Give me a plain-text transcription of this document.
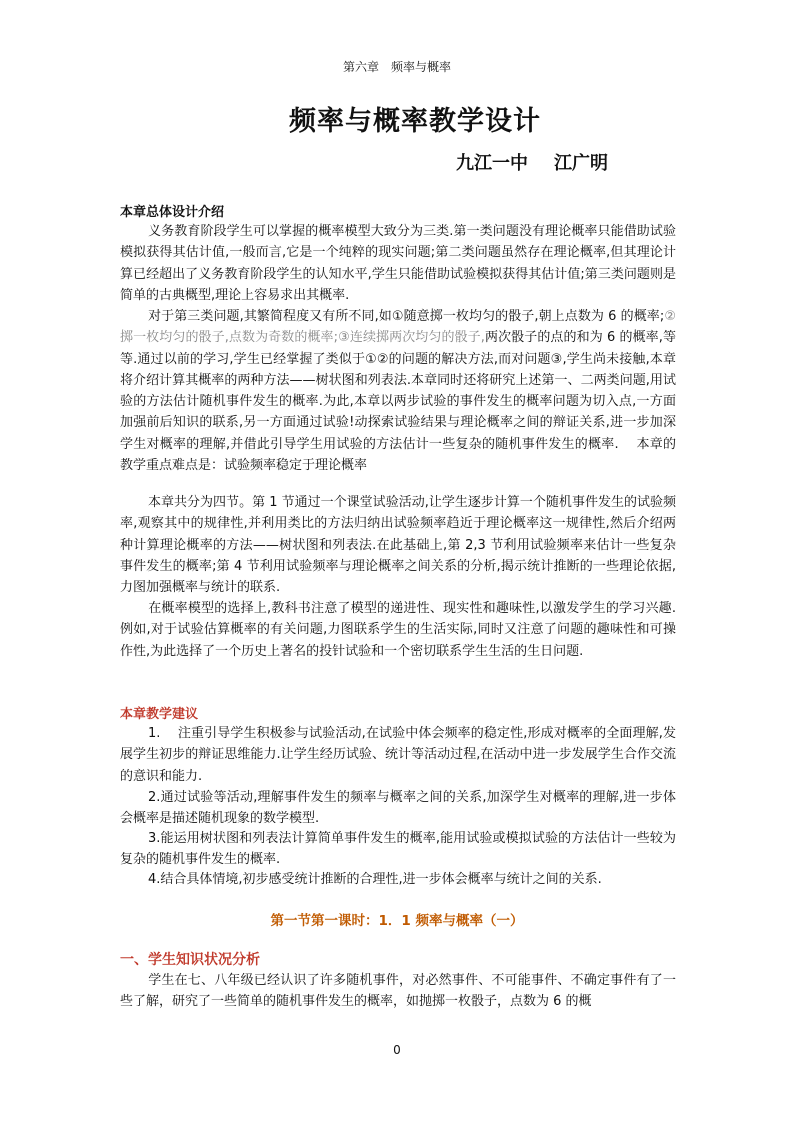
第六章　频率与概率
频率与概率教学设计
九江一中 江广明
本章总体设计介绍

义务教育阶段学生可以掌握的概率模型大致分为三类.第一类问题没有理论概率只能借助试验模拟获得其估计值,一般而言,它是一个纯粹的现实问题;第二类问题虽然存在理论概率,但其理论计算已经超出了义务教育阶段学生的认知水平,学生只能借助试验模拟获得其估计值;第三类问题则是简单的古典概型,理论上容易求出其概率.

对于第三类问题,其繁简程度又有所不同,如①随意掷一枚均匀的骰子,朝上点数为 6 的概率;②掷一枚均匀的骰子,点数为奇数的概率;③连续掷两次均匀的骰子,两次骰子的点的和为 6 的概率,等等.通过以前的学习,学生已经掌握了类似于①②的问题的解决方法,而对问题③,学生尚未接触,本章将介绍计算其概率的两种方法——树状图和列表法.本章同时还将研究上述第一、二两类问题,用试验的方法估计随机事件发生的概率.为此,本章以两步试验的事件发生的概率问题为切入点,一方面加强前后知识的联系,另一方面通过试验!动探索试验结果与理论概率之间的辩证关系,进一步加深学生对概率的理解,并借此引导学生用试验的方法估计一些复杂的随机事件发生的概率.　 本章的教学重点难点是：试验频率稳定于理论概率

本章共分为四节。第 1 节通过一个课堂试验活动,让学生逐步计算一个随机事件发生的试验频率,观察其中的规律性,并利用类比的方法归纳出试验频率趋近于理论概率这一规律性,然后介绍两种计算理论概率的方法——树状图和列表法.在此基础上,第 2,3 节利用试验频率来估计一些复杂事件发生的概率;第 4 节利用试验频率与理论概率之间关系的分析,揭示统计推断的一些理论依据,力图加强概率与统计的联系.

在概率模型的选择上,教科书注意了模型的递进性、现实性和趣味性,以激发学生的学习兴趣.例如,对于试验估算概率的有关问题,力图联系学生的生活实际,同时又注意了问题的趣味性和可操作性,为此选择了一个历史上著名的投针试验和一个密切联系学生生活的生日问题.

本章教学建议

1.　 注重引导学生积极参与试验活动,在试验中体会频率的稳定性,形成对概率的全面理解,发展学生初步的辩证思维能力.让学生经历试验、统计等活动过程,在活动中进一步发展学生合作交流的意识和能力.

2.通过试验等活动,理解事件发生的频率与概率之间的关系,加深学生对概率的理解,进一步体会概率是描述随机现象的数学模型.

3.能运用树状图和列表法计算简单事件发生的概率,能用试验或模拟试验的方法估计一些较为复杂的随机事件发生的概率.

4.结合具体情境,初步感受统计推断的合理性,进一步体会概率与统计之间的关系.

第一节第一课时：1．1 频率与概率（一）
一、学生知识状况分析

学生在七、八年级已经认识了许多随机事件，对必然事件、不可能事件、不确定事件有了一些了解，研究了一些简单的随机事件发生的概率，如抛掷一枚骰子，点数为 6 的概

0
